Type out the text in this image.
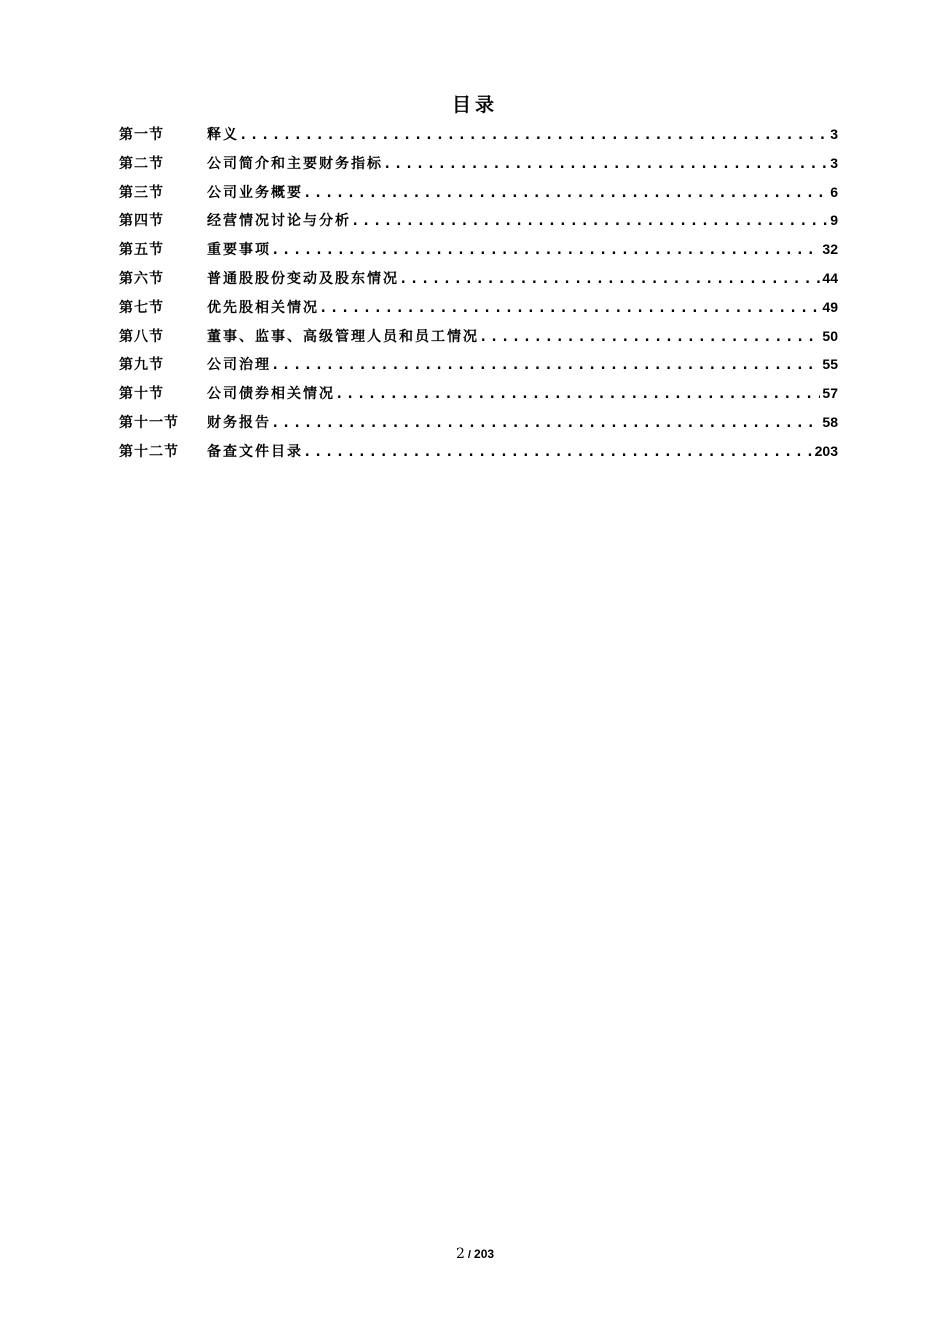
目录
第一节	释义 .....	3
第二节	公司简介和主要财务指标 .....	3
第三节	公司业务概要 .....	6
第四节	经营情况讨论与分析 .....	9
第五节	重要事项 .....	32
第六节	普通股股份变动及股东情况 .....	44
第七节	优先股相关情况 .....	49
第八节	董事、监事、高级管理人员和员工情况 .....	50
第九节	公司治理 .....	55
第十节	公司债券相关情况 .....	57
第十一节	财务报告 .....	58
第十二节	备查文件目录 .....	203
2 / 203
